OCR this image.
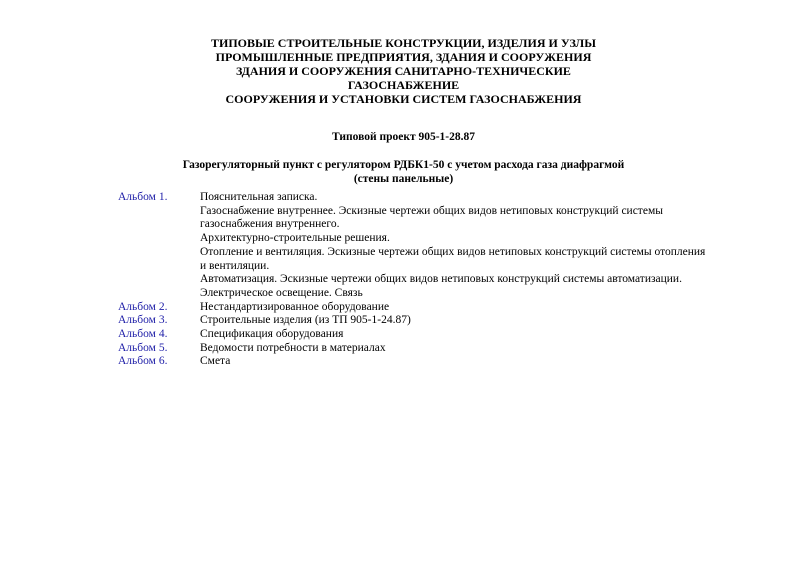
ТИПОВЫЕ СТРОИТЕЛЬНЫЕ КОНСТРУКЦИИ, ИЗДЕЛИЯ И УЗЛЫ
ПРОМЫШЛЕННЫЕ ПРЕДПРИЯТИЯ, ЗДАНИЯ И СООРУЖЕНИЯ
ЗДАНИЯ И СООРУЖЕНИЯ САНИТАРНО-ТЕХНИЧЕСКИЕ
ГАЗОСНАБЖЕНИЕ
СООРУЖЕНИЯ И УСТАНОВКИ СИСТЕМ ГАЗОСНАБЖЕНИЯ
Типовой проект 905-1-28.87
Газорегуляторный пункт с регулятором РДБК1-50 с учетом расхода газа диафрагмой
(стены панельные)
Альбом 1.	Пояснительная записка.
Газоснабжение внутреннее. Эскизные чертежи общих видов нетиповых конструкций системы газоснабжения внутреннего.
Архитектурно-строительные решения.
Отопление и вентиляция. Эскизные чертежи общих видов нетиповых конструкций системы отопления и вентиляции.
Автоматизация. Эскизные чертежи общих видов нетиповых конструкций системы автоматизации.
Электрическое освещение. Связь
Альбом 2.	Нестандартизированное оборудование
Альбом 3.	Строительные изделия (из ТП 905-1-24.87)
Альбом 4.	Спецификация оборудования
Альбом 5.	Ведомости потребности в материалах
Альбом 6.	Смета
